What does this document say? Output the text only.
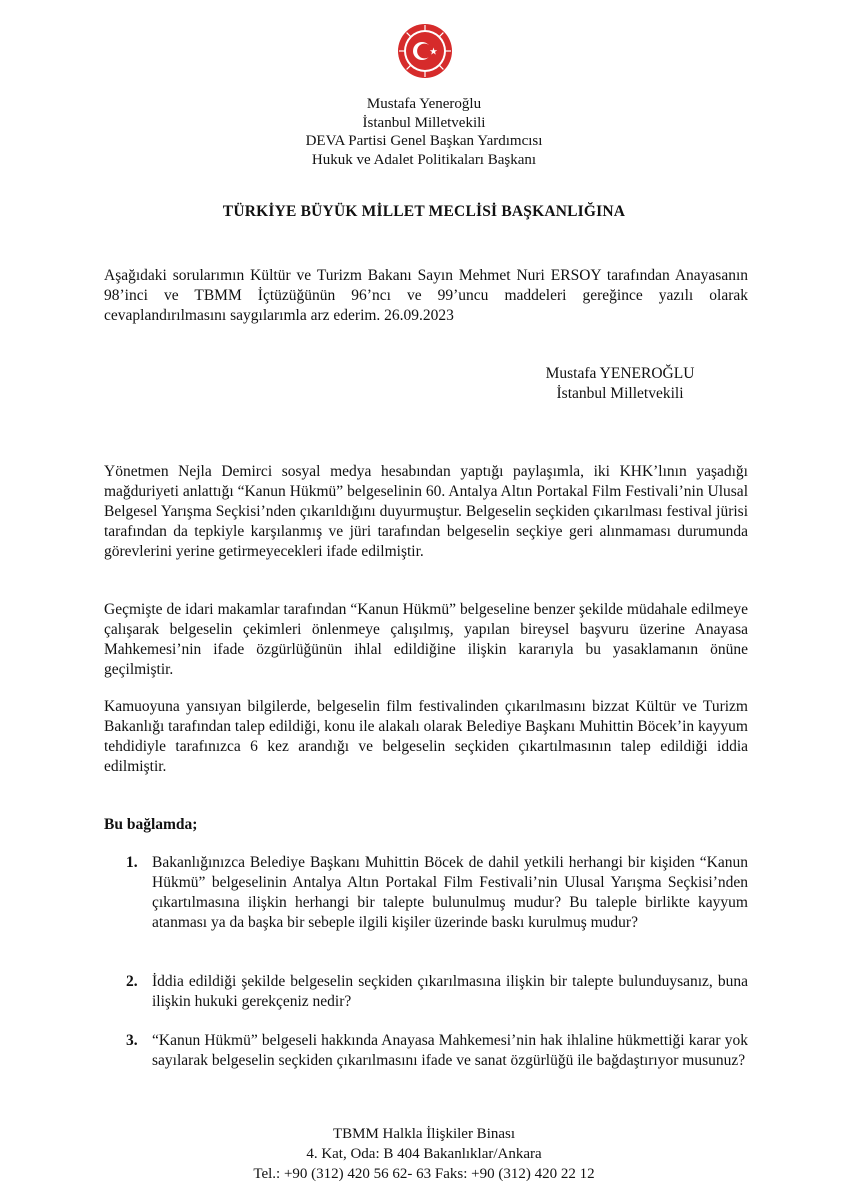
Mustafa Yeneroğlu
İstanbul Milletvekili
DEVA Partisi Genel Başkan Yardımcısı
Hukuk ve Adalet Politikaları Başkanı
TÜRKİYE BÜYÜK MİLLET MECLİSİ BAŞKANLIĞINA

Aşağıdaki sorularımın Kültür ve Turizm Bakanı Sayın Mehmet Nuri ERSOY tarafından Anayasanın 98’inci ve TBMM İçtüzüğünün 96’ncı ve 99’uncu maddeleri gereğince yazılı olarak cevaplandırılmasını saygılarımla arz ederim. 26.09.2023

Mustafa YENEROĞLU
İstanbul Milletvekili

Yönetmen Nejla Demirci sosyal medya hesabından yaptığı paylaşımla, iki KHK’lının yaşadığı mağduriyeti anlattığı “Kanun Hükmü” belgeselinin 60. Antalya Altın Portakal Film Festivali’nin Ulusal Belgesel Yarışma Seçkisi’nden çıkarıldığını duyurmuştur. Belgeselin seçkiden çıkarılması festival jürisi tarafından da tepkiyle karşılanmış ve jüri tarafından belgeselin seçkiye geri alınmaması durumunda görevlerini yerine getirmeyecekleri ifade edilmiştir.

Geçmişte de idari makamlar tarafından “Kanun Hükmü” belgeseline benzer şekilde müdahale edilmeye çalışarak belgeselin çekimleri önlenmeye çalışılmış, yapılan bireysel başvuru üzerine Anayasa Mahkemesi’nin ifade özgürlüğünün ihlal edildiğine ilişkin kararıyla bu yasaklamanın önüne geçilmiştir.

Kamuoyuna yansıyan bilgilerde, belgeselin film festivalinden çıkarılmasını bizzat Kültür ve Turizm Bakanlığı tarafından talep edildiği, konu ile alakalı olarak Belediye Başkanı Muhittin Böcek’in kayyum tehdidiyle tarafınızca 6 kez arandığı ve belgeselin seçkiden çıkartılmasının talep edildiği iddia edilmiştir.

Bu bağlamda;
1. Bakanlığınızca Belediye Başkanı Muhittin Böcek de dahil yetkili herhangi bir kişiden “Kanun Hükmü” belgeselinin Antalya Altın Portakal Film Festivali’nin Ulusal Yarışma Seçkisi’nden çıkartılmasına ilişkin herhangi bir talepte bulunulmuş mudur? Bu taleple birlikte kayyum atanması ya da başka bir sebeple ilgili kişiler üzerinde baskı kurulmuş mudur?
2. İddia edildiği şekilde belgeselin seçkiden çıkarılmasına ilişkin bir talepte bulunduysanız, buna ilişkin hukuki gerekçeniz nedir?
3. “Kanun Hükmü” belgeseli hakkında Anayasa Mahkemesi’nin hak ihlaline hükmettiği karar yok sayılarak belgeselin seçkiden çıkarılmasını ifade ve sanat özgürlüğü ile bağdaştırıyor musunuz?
TBMM Halkla İlişkiler Binası
4. Kat, Oda: B 404 Bakanlıklar/Ankara
Tel.: +90 (312) 420 56 62- 63 Faks: +90 (312) 420 22 12
